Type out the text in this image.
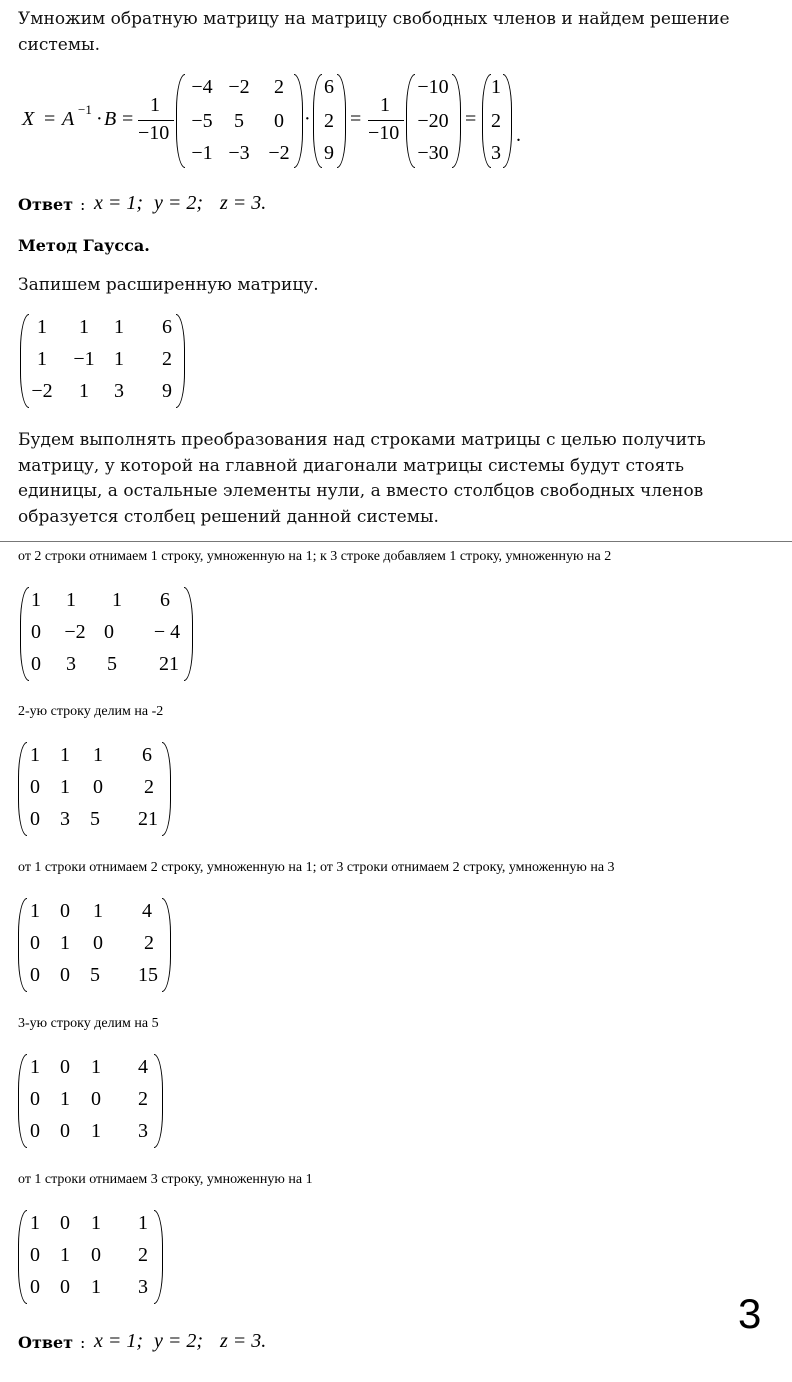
Умножим обратную матрицу на матрицу свободных членов и найдем решение системы.
X = A −1 · B =
1
−10
−4 −2	2
−5	5	0
−1 −3 −2
·
6
2
9
=
1
−10
−10
−20
−30
=
1
2
3
.
Ответ : x = 1; y = 2; z = 3.
Метод Гаусса.
Запишем расширенную матрицу.
1	1	1	6
1	−1 1	2
−2	1	3	9
Будем выполнять преобразования над строками матрицы с целью получить матрицу, у которой на главной диагонали матрицы системы будут стоять единицы, а остальные элементы нули, а вместо столбцов свободных членов образуется столбец решений данной системы.
от 2 строки отнимаем 1 строку, умноженную на 1; к 3 строке добавляем 1 строку, умноженную на 2
1	1	1	6
0	−2 0	− 4
0	3	5	21
2-ую строку делим на -2
1	1	1	6
0	1	0	2
0	3	5	21
от 1 строки отнимаем 2 строку, умноженную на 1; от 3 строки отнимаем 2 строку, умноженную на 3
1	0	1	4
0	1	0	2
0	0	5	15
3-ую строку делим на 5
1	0	1	4
0	1	0	2
0	0	1	3
от 1 строки отнимаем 3 строку, умноженную на 1
1	0	1	1
0	1	0	2
0	0	1	3
3
Ответ : x = 1; y = 2; z = 3.
